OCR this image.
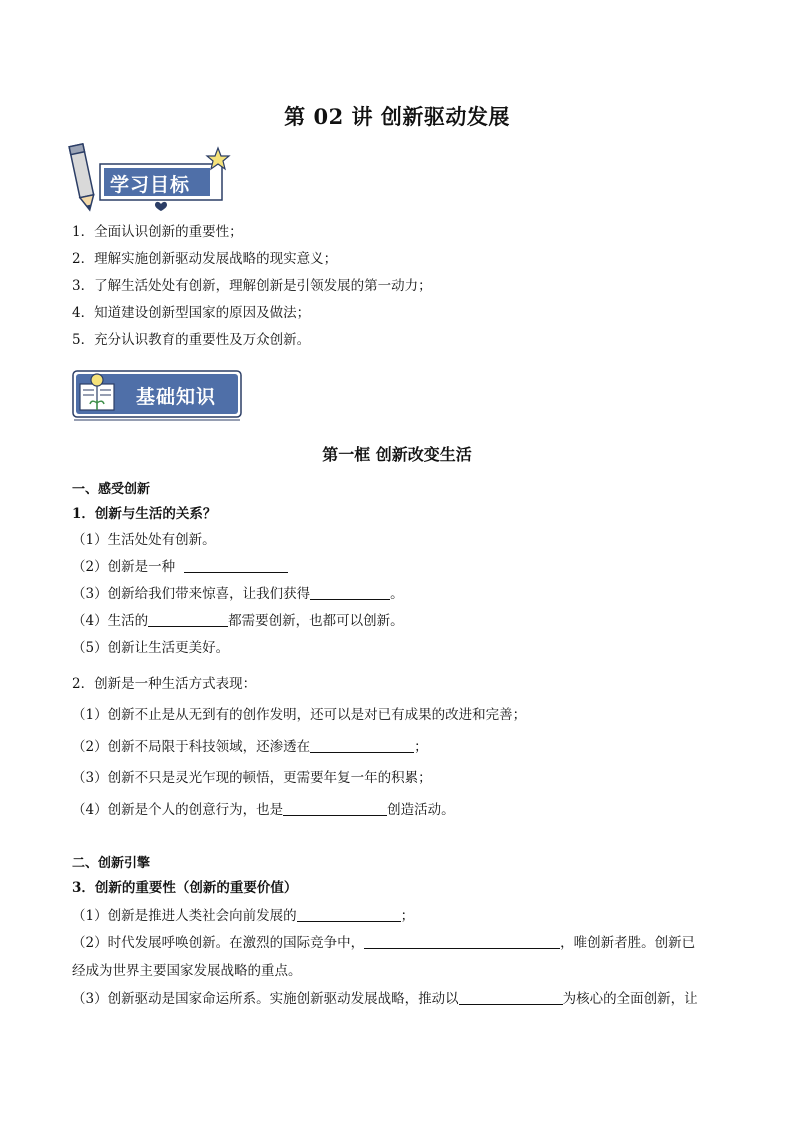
第 02 讲 创新驱动发展
学习目标
1．全面认识创新的重要性；
2．理解实施创新驱动发展战略的现实意义；
3．了解生活处处有创新，理解创新是引领发展的第一动力；
4．知道建设创新型国家的原因及做法；
5．充分认识教育的重要性及万众创新。
基础知识
第一框 创新改变生活
一、感受创新
1．创新与生活的关系？
（1）生活处处有创新。
（2）创新是一种
（3）创新给我们带来惊喜，让我们获得	。
（4）生活的	都需要创新，也都可以创新。
（5）创新让生活更美好。
2．创新是一种生活方式表现：
（1）创新不止是从无到有的创作发明，还可以是对已有成果的改进和完善；
（2）创新不局限于科技领域，还渗透在	；
（3）创新不只是灵光乍现的顿悟，更需要年复一年的积累；
（4）创新是个人的创意行为，也是	创造活动。
二、创新引擎
3．创新的重要性（创新的重要价值）
（1）创新是推进人类社会向前发展的	；
（2）时代发展呼唤创新。在激烈的国际竞争中，	，唯创新者胜。创新已
经成为世界主要国家发展战略的重点。
（3）创新驱动是国家命运所系。实施创新驱动发展战略，推动以	为核心的全面创新，让
